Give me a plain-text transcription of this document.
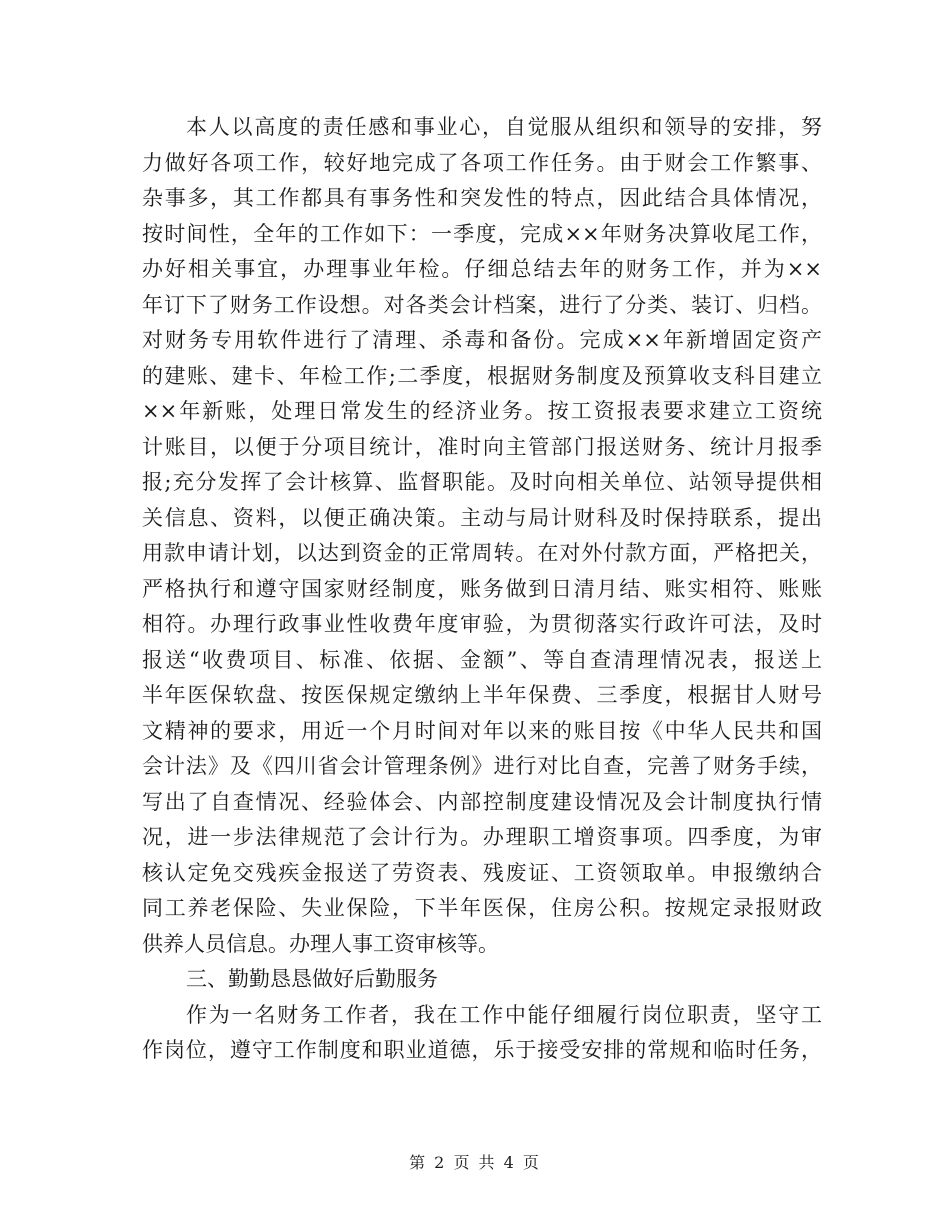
本人以高度的责任感和事业心，自觉服从组织和领导的安排，努
力做好各项工作，较好地完成了各项工作任务。由于财会工作繁事、
杂事多，其工作都具有事务性和突发性的特点，因此结合具体情况，
按时间性，全年的工作如下：一季度，完成××年财务决算收尾工作，
办好相关事宜，办理事业年检。仔细总结去年的财务工作，并为××
年订下了财务工作设想。对各类会计档案，进行了分类、装订、归档。
对财务专用软件进行了清理、杀毒和备份。完成××年新增固定资产
的建账、建卡、年检工作;二季度，根据财务制度及预算收支科目建立
××年新账，处理日常发生的经济业务。按工资报表要求建立工资统
计账目，以便于分项目统计，准时向主管部门报送财务、统计月报季
报;充分发挥了会计核算、监督职能。及时向相关单位、站领导提供相
关信息、资料，以便正确决策。主动与局计财科及时保持联系，提出
用款申请计划，以达到资金的正常周转。在对外付款方面，严格把关，
严格执行和遵守国家财经制度，账务做到日清月结、账实相符、账账
相符。办理行政事业性收费年度审验，为贯彻落实行政许可法，及时
报送“收费项目、标准、依据、金额”、等自查清理情况表，报送上
半年医保软盘、按医保规定缴纳上半年保费、三季度，根据甘人财号
文精神的要求，用近一个月时间对年以来的账目按《中华人民共和国
会计法》及《四川省会计管理条例》进行对比自查，完善了财务手续，
写出了自查情况、经验体会、内部控制度建设情况及会计制度执行情
况，进一步法律规范了会计行为。办理职工增资事项。四季度，为审
核认定免交残疾金报送了劳资表、残废证、工资领取单。申报缴纳合
同工养老保险、失业保险，下半年医保，住房公积。按规定录报财政
供养人员信息。办理人事工资审核等。
三、勤勤恳恳做好后勤服务
作为一名财务工作者，我在工作中能仔细履行岗位职责，坚守工
作岗位，遵守工作制度和职业道德，乐于接受安排的常规和临时任务，
第 2 页 共 4 页
